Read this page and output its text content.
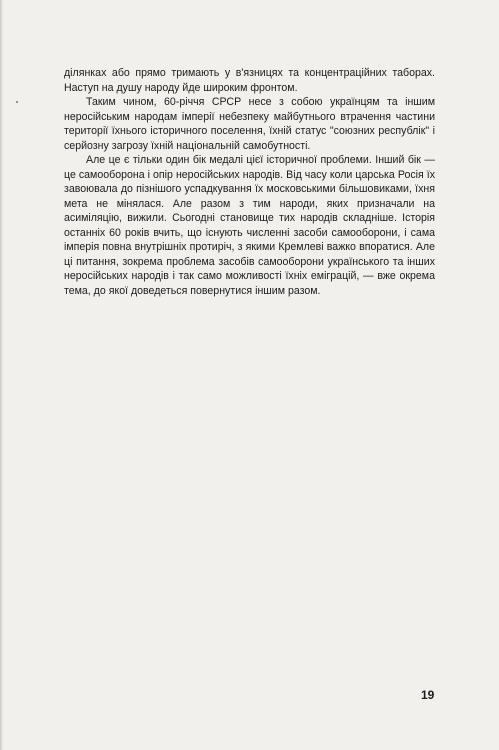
ділянках або прямо тримають у в'язницях та концентраційних таборах. Наступ на душу народу йде широким фронтом.

Таким чином, 60-річчя СРСР несе з собою українцям та іншим неросійським народам імперії небезпеку майбутнього втрачення частини території їхнього історичного поселення, їхній статус "союзних республік" і серйозну загрозу їхній національній самобутності.

Але це є тільки один бік медалі цієї історичної проблеми. Інший бік — це самооборона і опір неросійських народів. Від часу коли царська Росія їх завоювала до пізнішого успадкування їх московськими більшовиками, їхня мета не мінялася. Але разом з тим народи, яких призначали на асиміляцію, вижили. Сьогодні становище тих народів складніше. Історія останніх 60 років вчить, що існують численні засоби самооборони, і сама імперія повна внутрішніх протиріч, з якими Кремлеві важко впоратися. Але ці питання, зокрема проблема засобів самооборони українського та інших неросійських народів і так само можливості їхніх еміграцій, — вже окрема тема, до якої доведеться повернутися іншим разом.

19
